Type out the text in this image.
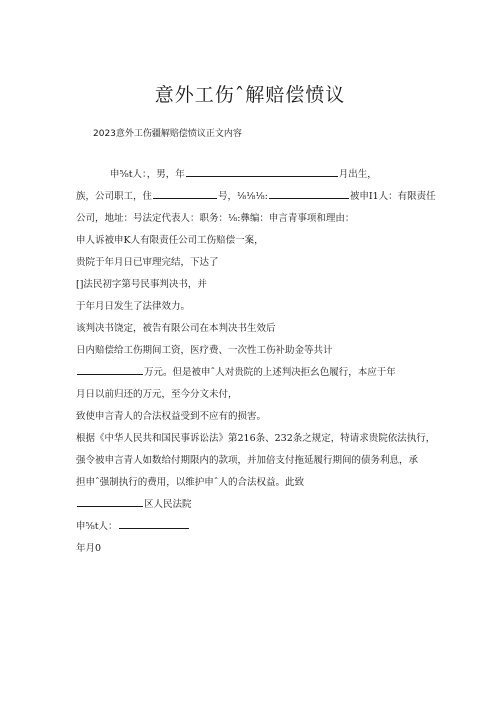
意外工伤ˆ解赔偿愤议
2023意外工伤疆解赔偿愤议正文内容
申⅝t人：，男，年	月出生，
族，公司职工，住	号，⅛⅛⅛:	被申I1人：有限责任
公司，地址：号法定代表人：职务：⅛:彝编：申言青事项和理由：
申人诉被申K人有限责任公司工伤赔偿一案，
贵院于年月日已审理完结，下达了
[]法民初字第号民事判决书，并
于年月日发生了法律效力。
该判决书饶定，被告有限公司在本判决书生效后
日内赔偿给工伤期间工资，医疗费、一次性工伤补助金等共计
万元。但是被申ˆ人对贵院的上述判决拒幺色履行，本应于年
月日以前归还的万元，至今分文未付，
致使申言青人的合法权益受到不应有的损害。
根据《中华人民共和国民事诉讼法》第216条、232条之规定，特请求贵院依法执行，
强令被申言青人如数给付期限内的款项，并加倍支付拖延履行期间的债务利息，承
担申ˆ强制执行的费用，以维护申ˆ人的合法权益。此致
区人民法院
申⅝t人：
年月0
